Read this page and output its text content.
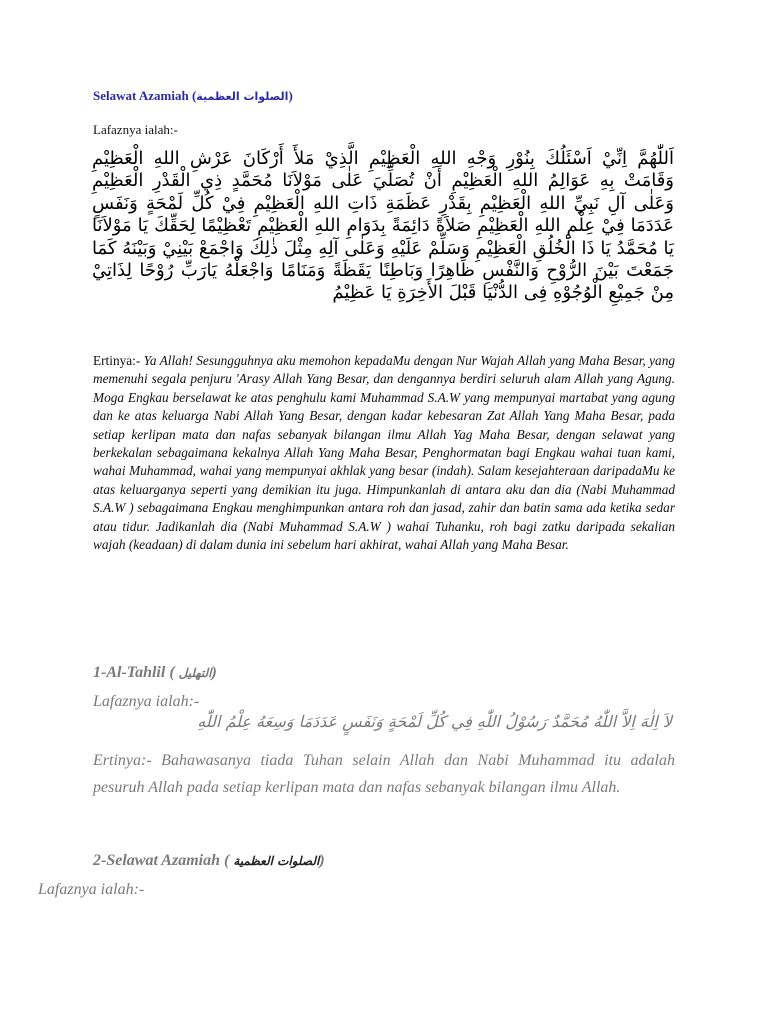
Selawat Azamiah (الصلوات العظمية)
Lafaznya ialah:-
اَللّٰهُمَّ اِنِّيْ اَسْئَلُكَ بِنُوْرِ وَجْهِ اللهِ الْعَظِيْمِ الَّذِيْ مَلأَ أَرْكَانَ عَرْشِ اللهِ الْعَظِيْمِ وَقَامَتْ بِهِ عَوَالِمُ اللهِ الْعَظِيْمِ أَنْ تُصَلِّيَ عَلٰى مَوْلاَنَا مُحَمَّدٍ ذِي الْقَدْرِ الْعَظِيْمِ وَعَلٰى آلِ نَبِيِّ اللهِ الْعَظِيْمِ بِقَدْرِ عَظَمَةِ ذَاتِ اللهِ الْعَظِيْمِ فِيْ كُلِّ لَمْحَةٍ وَنَفَسٍ عَدَدَمَا فِيْ عِلْمِ اللهِ الْعَظِيْمِ صَلاَةً دَائِمَةً بِدَوَامِ اللهِ الْعَظِيْمِ تَعْظِيْمًا لِحَقِّكَ يَا مَوْلاَنَا يَا مُحَمَّدُ يَا ذَا الْخُلُقِ الْعَظِيْمِ وَسَلِّمْ عَلَيْهِ وَعَلٰى آلِهِ مِثْلَ ذٰلِكَ وَاجْمَعْ بَيْنِيْ وَبَيْنَهُ كَمَا جَمَعْتَ بَيْنَ الرُّوْحِ وَالنَّفْسِ ظَاهِرًا وَبَاطِنًا يَقَظَةً وَمَنَامًا وَاجْعَلْهُ يَارَبِّ رُوْحًا لِذَاتِيْ مِنْ جَمِيْعِ الْوُجُوْهِ فِى الدُّنْيَا قَبْلَ الأَخِرَةِ يَا عَظِيْمُ
Ertinya:- Ya Allah! Sesungguhnya aku memohon kepadaMu dengan Nur Wajah Allah yang Maha Besar, yang memenuhi segala penjuru 'Arasy Allah Yang Besar, dan dengannya berdiri seluruh alam Allah yang Agung. Moga Engkau berselawat ke atas penghulu kami Muhammad S.A.W yang mempunyai martabat yang agung dan ke atas keluarga Nabi Allah Yang Besar, dengan kadar kebesaran Zat Allah Yang Maha Besar, pada setiap kerlipan mata dan nafas sebanyak bilangan ilmu Allah Yag Maha Besar, dengan selawat yang berkekalan sebagaimana kekalnya Allah Yang Maha Besar, Penghormatan bagi Engkau wahai tuan kami, wahai Muhammad, wahai yang mempunyai akhlak yang besar (indah). Salam kesejahteraan daripadaMu ke atas keluarganya seperti yang demikian itu juga. Himpunkanlah di antara aku dan dia (Nabi Muhammad S.A.W ) sebagaimana Engkau menghimpunkan antara roh dan jasad, zahir dan batin sama ada ketika sedar atau tidur. Jadikanlah dia (Nabi Muhammad S.A.W ) wahai Tuhanku, roh bagi zatku daripada sekalian wajah (keadaan) di dalam dunia ini sebelum hari akhirat, wahai Allah yang Maha Besar.
1-Al-Tahlil ( التهليل)
Lafaznya ialah:-
لاَ اِلٰهَ اِلاَّ اللّٰهُ مُحَمَّدٌ رَسُوْلُ اللّٰهِ فِي كُلِّ لَمْحَةٍ وَنَفَسٍ عَدَدَمَا وَسِعَهُ عِلْمُ اللّٰهِ
Ertinya:- Bahawasanya tiada Tuhan selain Allah dan Nabi Muhammad itu adalah pesuruh Allah pada setiap kerlipan mata dan nafas sebanyak bilangan ilmu Allah.
2-Selawat Azamiah ( الصلوات العظمية)
Lafaznya ialah:-
